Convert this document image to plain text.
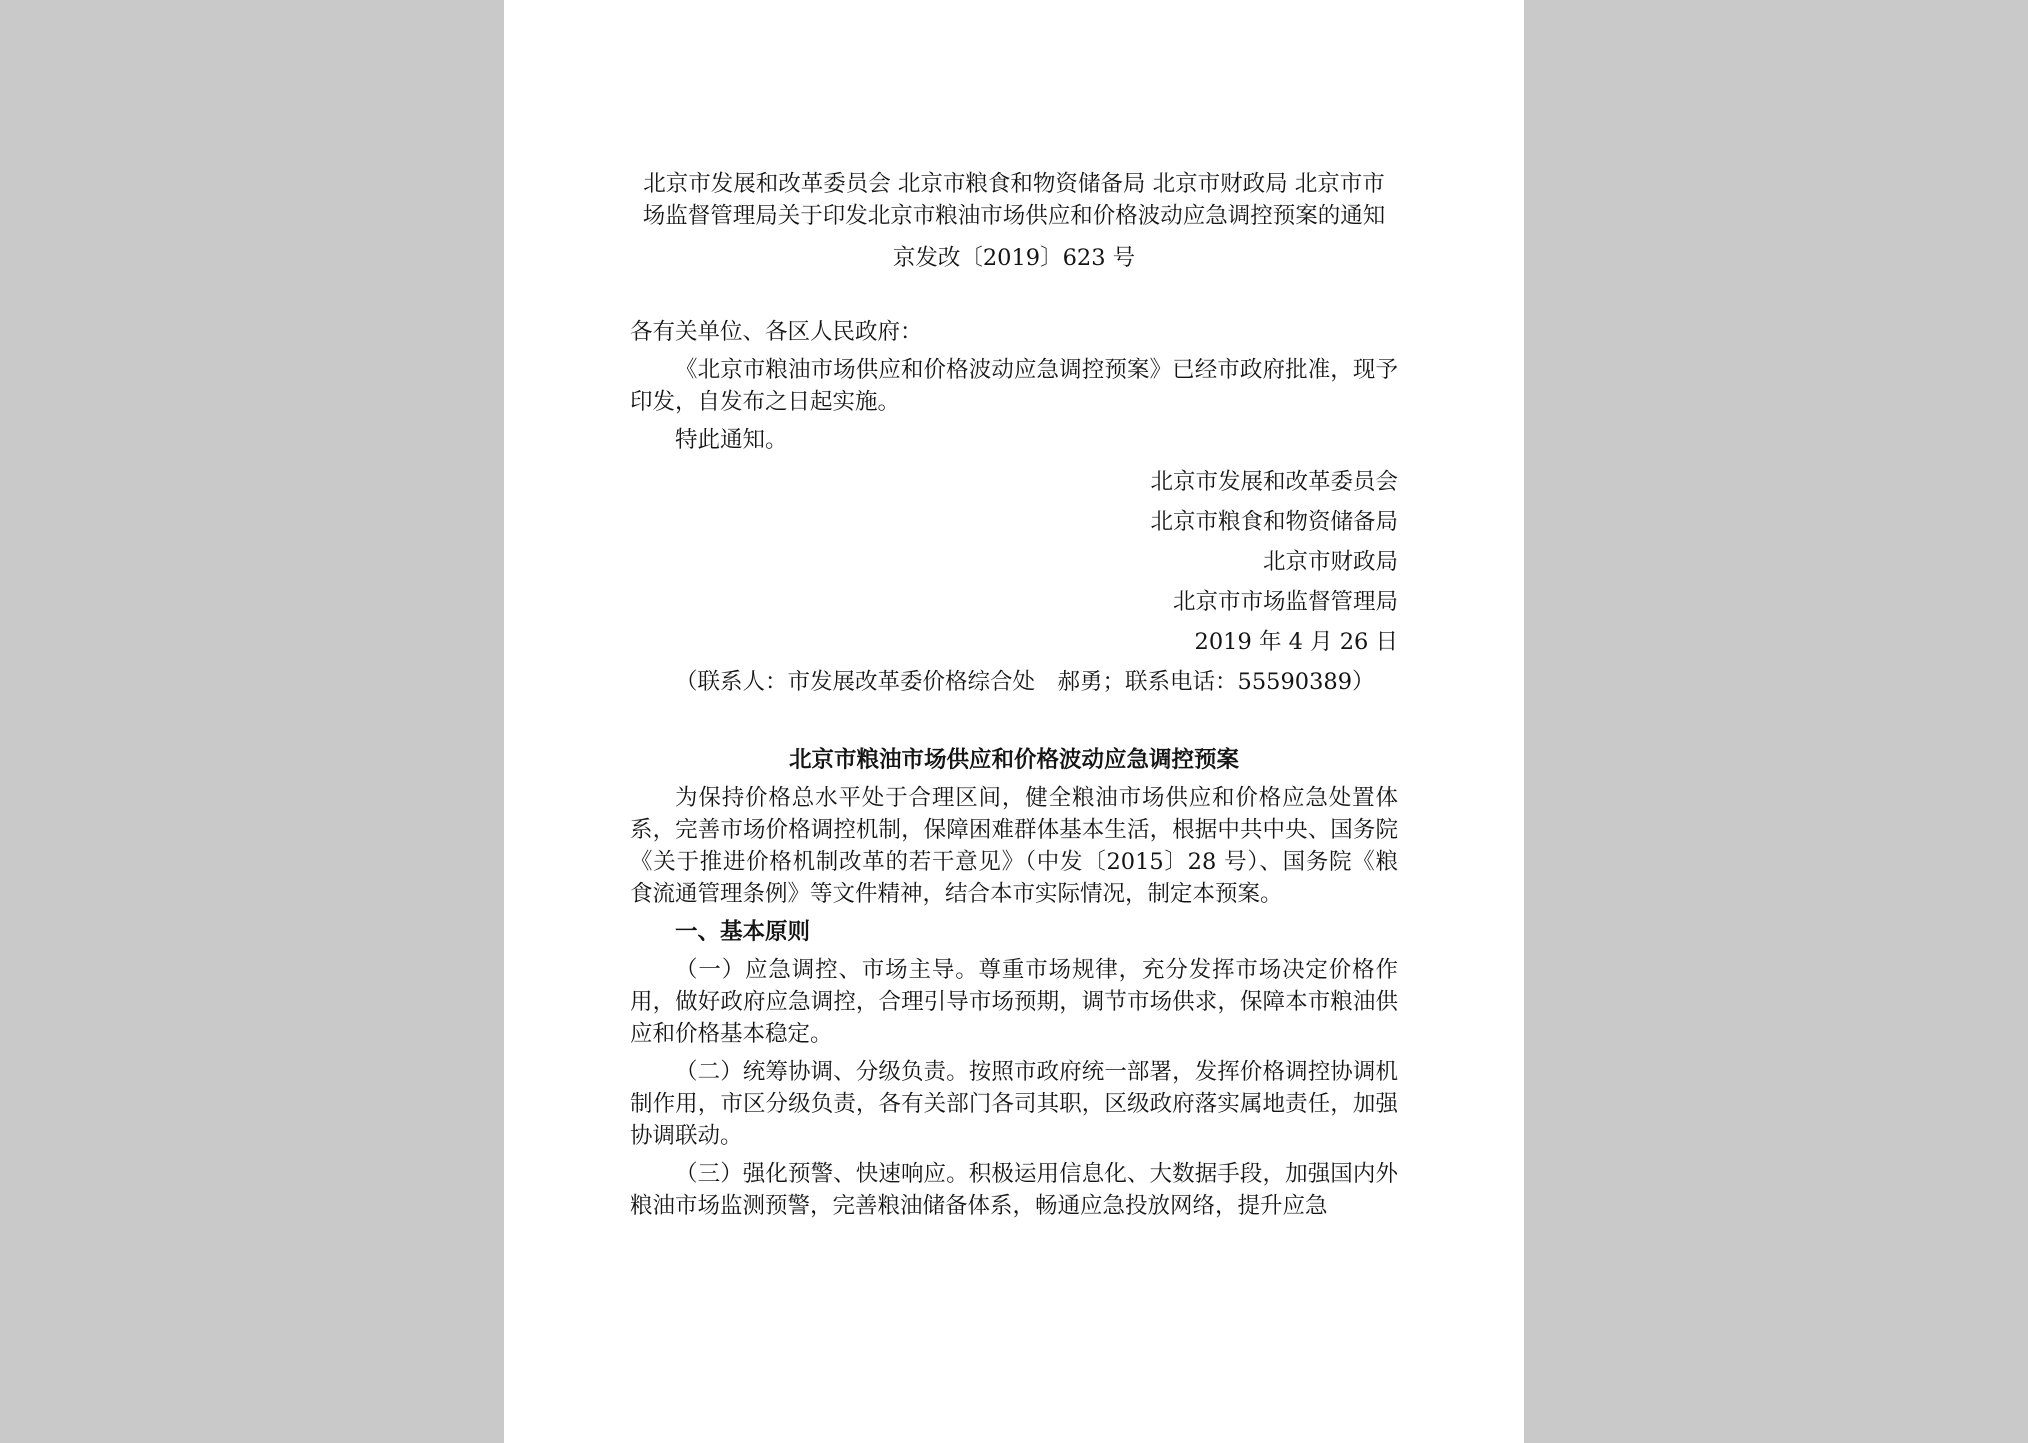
北京市发展和改革委员会 北京市粮食和物资储备局 北京市财政局 北京市市场监督管理局关于印发北京市粮油市场供应和价格波动应急调控预案的通知
京发改〔2019〕623 号
各有关单位、各区人民政府：

《北京市粮油市场供应和价格波动应急调控预案》已经市政府批准，现予印发，自发布之日起实施。

特此通知。
北京市发展和改革委员会
北京市粮食和物资储备局
北京市财政局
北京市市场监督管理局
2019 年 4 月 26 日
（联系人：市发展改革委价格综合处　郝勇；联系电话：55590389）
北京市粮油市场供应和价格波动应急调控预案

为保持价格总水平处于合理区间，健全粮油市场供应和价格应急处置体系，完善市场价格调控机制，保障困难群体基本生活，根据中共中央、国务院《关于推进价格机制改革的若干意见》（中发〔2015〕28 号）、国务院《粮食流通管理条例》等文件精神，结合本市实际情况，制定本预案。

一、基本原则

（一）应急调控、市场主导。尊重市场规律，充分发挥市场决定价格作用，做好政府应急调控，合理引导市场预期，调节市场供求，保障本市粮油供应和价格基本稳定。

（二）统筹协调、分级负责。按照市政府统一部署，发挥价格调控协调机制作用，市区分级负责，各有关部门各司其职，区级政府落实属地责任，加强协调联动。

（三）强化预警、快速响应。积极运用信息化、大数据手段，加强国内外粮油市场监测预警，完善粮油储备体系，畅通应急投放网络，提升应急
